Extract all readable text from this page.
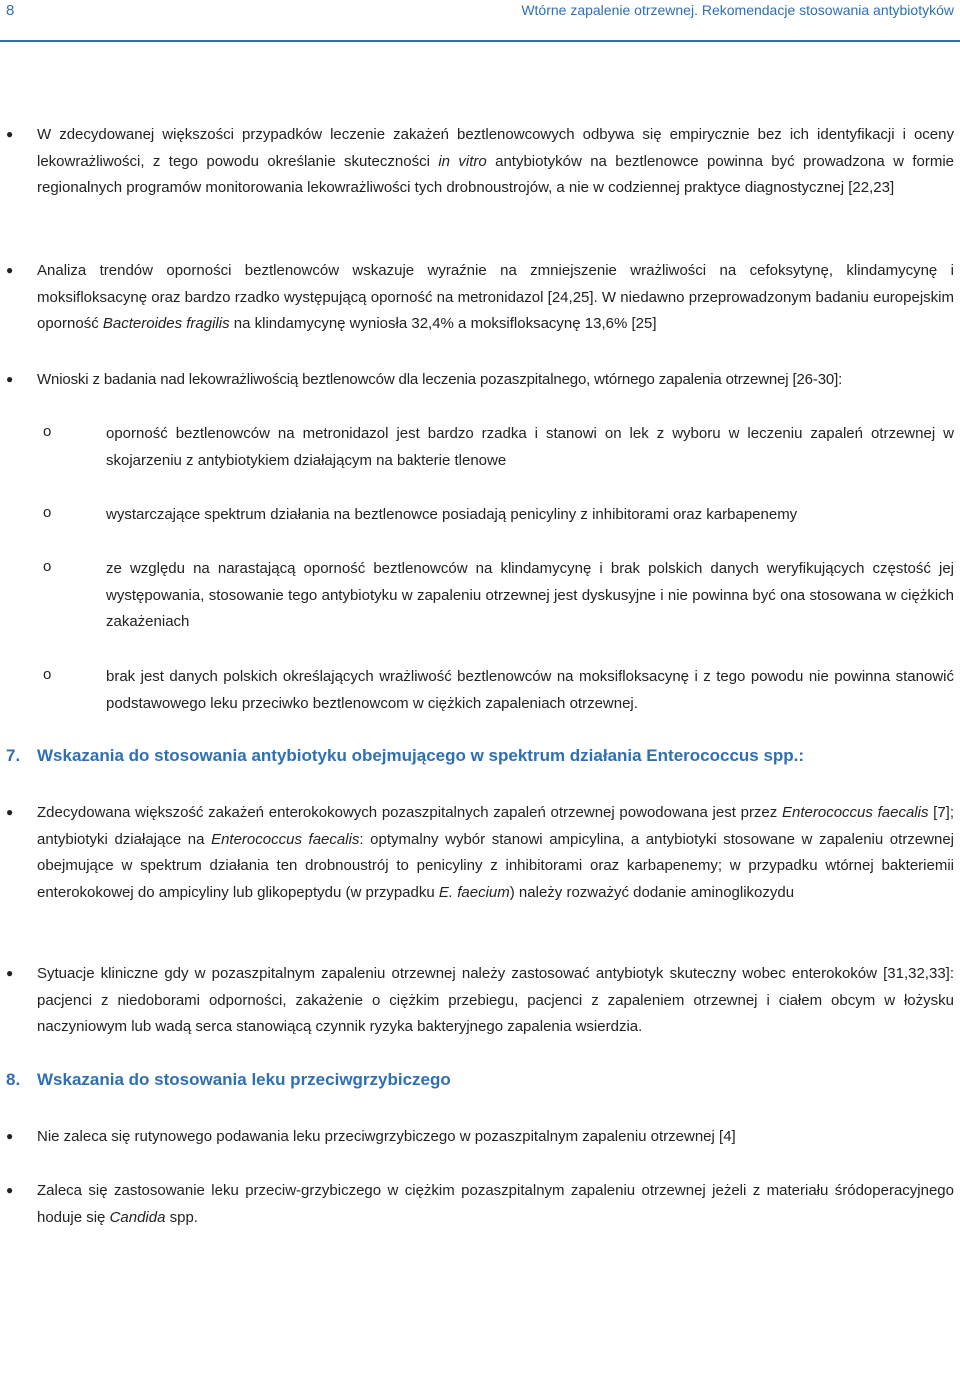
8	Wtórne zapalenie otrzewnej. Rekomendacje stosowania antybiotyków
● W zdecydowanej większości przypadków leczenie zakażeń beztlenowcowych odbywa się empirycznie bez ich identyfikacji i oceny lekowrażliwości, z tego powodu określanie skuteczności in vitro antybiotyków na beztlenowce powinna być prowadzona w formie regionalnych programów monitorowania lekowrażliwości tych drobnoustrojów, a nie w codziennej praktyce diagnostycznej [22,23]
● Analiza trendów oporności beztlenowców wskazuje wyraźnie na zmniejszenie wrażliwości na cefoksytynę, klindamycynę i moksifloksacynę oraz bardzo rzadko występującą oporność na metronidazol [24,25]. W niedawno przeprowadzonym badaniu europejskim oporność Bacteroides fragilis na klindamycynę wyniosła 32,4% a moksifloksacynę 13,6% [25]
● Wnioski z badania nad lekowrażliwością beztlenowców dla leczenia pozaszpitalnego, wtórnego zapalenia otrzewnej [26-30]:
o	oporność beztlenowców na metronidazol jest bardzo rzadka i stanowi on lek z wyboru w leczeniu zapaleń otrzewnej w skojarzeniu z antybiotykiem działającym na bakterie tlenowe
o	wystarczające spektrum działania na beztlenowce posiadają penicyliny z inhibitorami oraz karbapenemy
o	ze względu na narastającą oporność beztlenowców na klindamycynę i brak polskich danych weryfikujących częstość jej występowania, stosowanie tego antybiotyku w zapaleniu otrzewnej jest dyskusyjne i nie powinna być ona stosowana w ciężkich zakażeniach
o	brak jest danych polskich określających wrażliwość beztlenowców na moksifloksacynę i z tego powodu nie powinna stanowić podstawowego leku przeciwko beztlenowcom w ciężkich zapaleniach otrzewnej.
7. Wskazania do stosowania antybiotyku obejmującego w spektrum działania Enterococcus spp.:
● Zdecydowana większość zakażeń enterokokowych pozaszpitalnych zapaleń otrzewnej powodowana jest przez Enterococcus faecalis [7]; antybiotyki działające na Enterococcus faecalis: optymalny wybór stanowi ampicylina, a antybiotyki stosowane w zapaleniu otrzewnej obejmujące w spektrum działania ten drobnoustrój to penicyliny z inhibitorami oraz karbapenemy; w przypadku wtórnej bakteriemii enterokokowej do ampicyliny lub glikopeptydu (w przypadku E. faecium) należy rozważyć dodanie aminoglikozydu
● Sytuacje kliniczne gdy w pozaszpitalnym zapaleniu otrzewnej należy zastosować antybiotyk skuteczny wobec enterokoków [31,32,33]: pacjenci z niedoborami odporności, zakażenie o ciężkim przebiegu, pacjenci z zapaleniem otrzewnej i ciałem obcym w łożysku naczyniowym lub wadą serca stanowiącą czynnik ryzyka bakteryjnego zapalenia wsierdzia.
8. Wskazania do stosowania leku przeciwgrzybiczego
● Nie zaleca się rutynowego podawania leku przeciwgrzybiczego w pozaszpitalnym zapaleniu otrzewnej [4]
● Zaleca się zastosowanie leku przeciw-grzybiczego w ciężkim pozaszpitalnym zapaleniu otrzewnej jeżeli z materiału śródoperacyjnego hoduje się Candida spp.
